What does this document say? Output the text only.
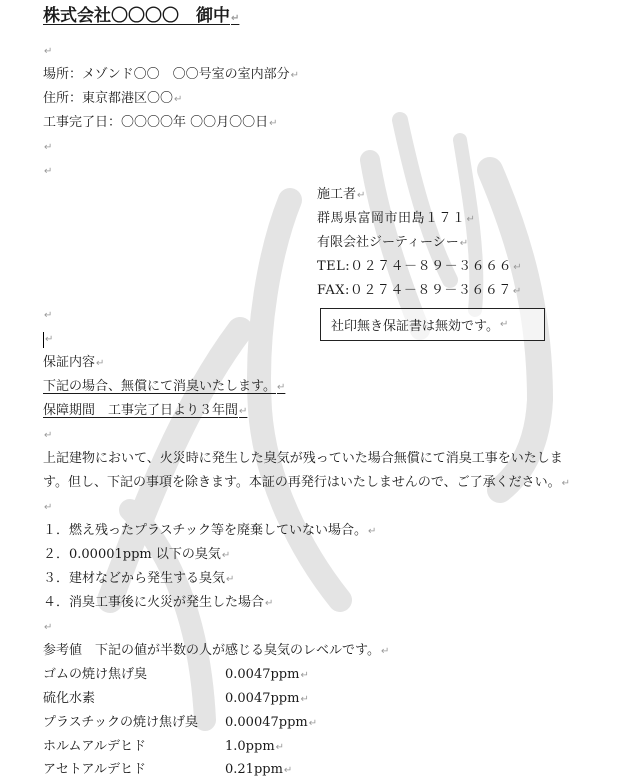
株式会社〇〇〇〇　御中↵
↵
場所：メゾンド〇〇　〇〇号室の室内部分↵
住所：東京都港区〇〇↵
工事完了日：〇〇〇〇年 〇〇月〇〇日↵
↵
↵
施工者↵
群馬県富岡市田島１７１↵
有限会社ジーティーシー↵
TEL:０２７４－８９－３６６６↵
FAX:０２７４－８９－３６６７↵
↵
社印無き保証書は無効です。 ↵
↵
保証内容↵
下記の場合、無償にて消臭いたします。↵
保障期間　工事完了日より３年間↵
↵
上記建物において、火災時に発生した臭気が残っていた場合無償にて消臭工事をいたしま
す。但し、下記の事項を除きます。本証の再発行はいたしませんので、ご了承ください。↵
↵
１．燃え残ったプラスチック等を廃棄していない場合。↵
２．0.00001ppm 以下の臭気↵
３．建材などから発生する臭気↵
４．消臭工事後に火災が発生した場合↵
↵
参考値　下記の値が半数の人が感じる臭気のレベルです。↵
ゴムの焼け焦げ臭	0.0047ppm↵
硫化水素	0.0047ppm↵
プラスチックの焼け焦げ臭 0.00047ppm↵
ホルムアルデヒド	1.0ppm↵
アセトアルデヒド	0.21ppm↵
